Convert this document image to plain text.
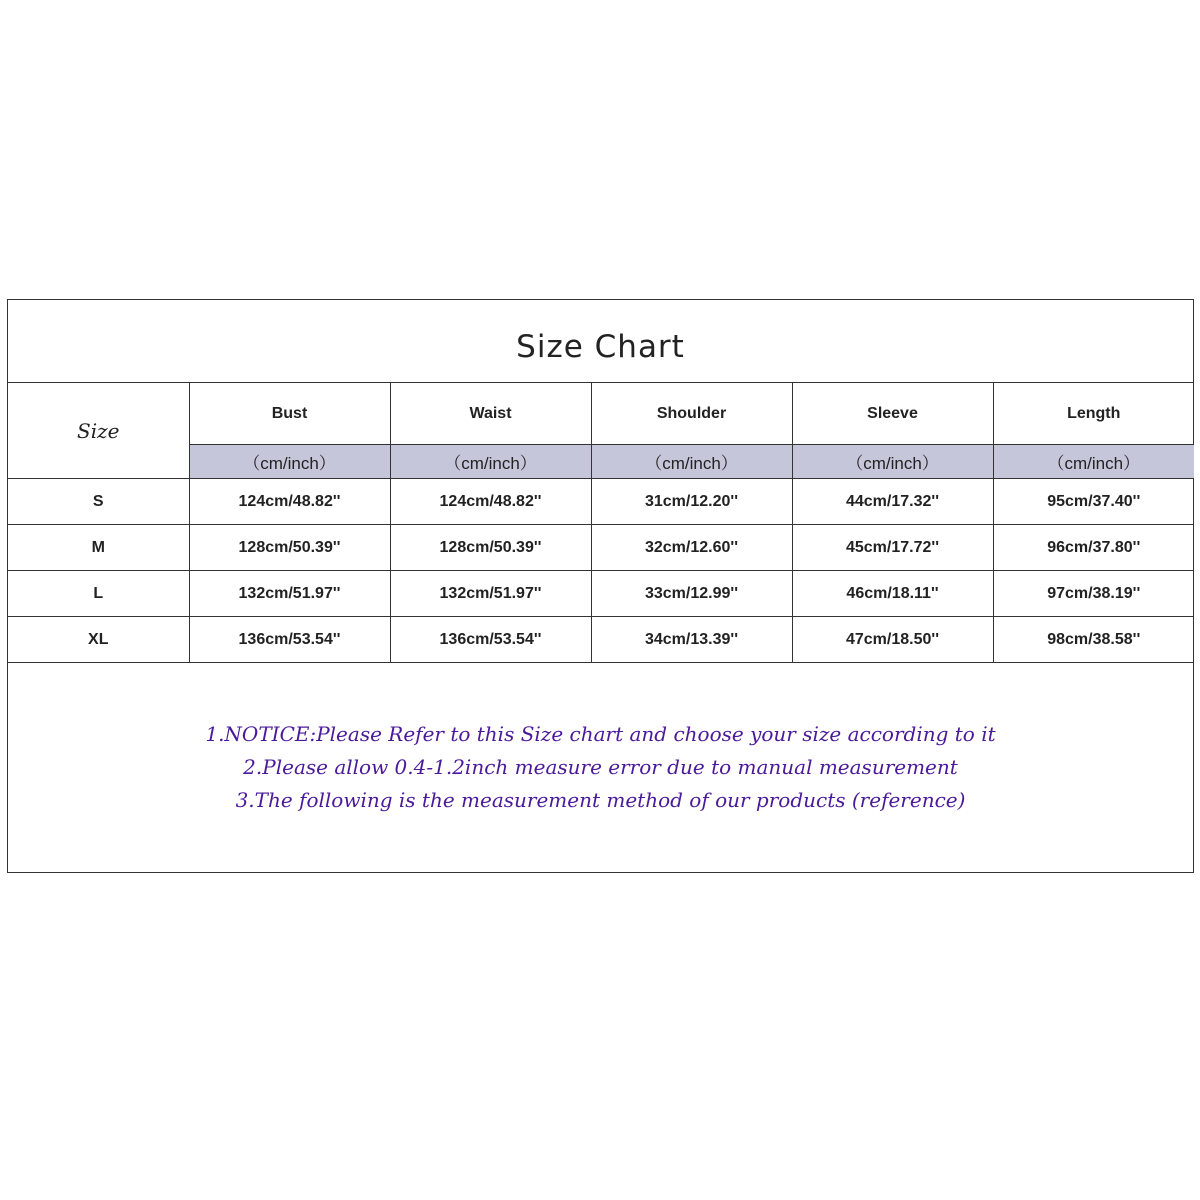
Size Chart
Size	Bust	Waist	Shoulder	Sleeve	Length
	（cm/inch）	（cm/inch）	（cm/inch）	（cm/inch）	（cm/inch）
S	124cm/48.82''	124cm/48.82''	31cm/12.20''	44cm/17.32''	95cm/37.40''
M	128cm/50.39''	128cm/50.39''	32cm/12.60''	45cm/17.72''	96cm/37.80''
L	132cm/51.97''	132cm/51.97''	33cm/12.99''	46cm/18.11''	97cm/38.19''
XL	136cm/53.54''	136cm/53.54''	34cm/13.39''	47cm/18.50''	98cm/38.58''
1.NOTICE:Please Refer to this Size chart and choose your size according to it
2.Please allow 0.4-1.2inch measure error due to manual measurement
3.The following is the measurement method of our products (reference)
